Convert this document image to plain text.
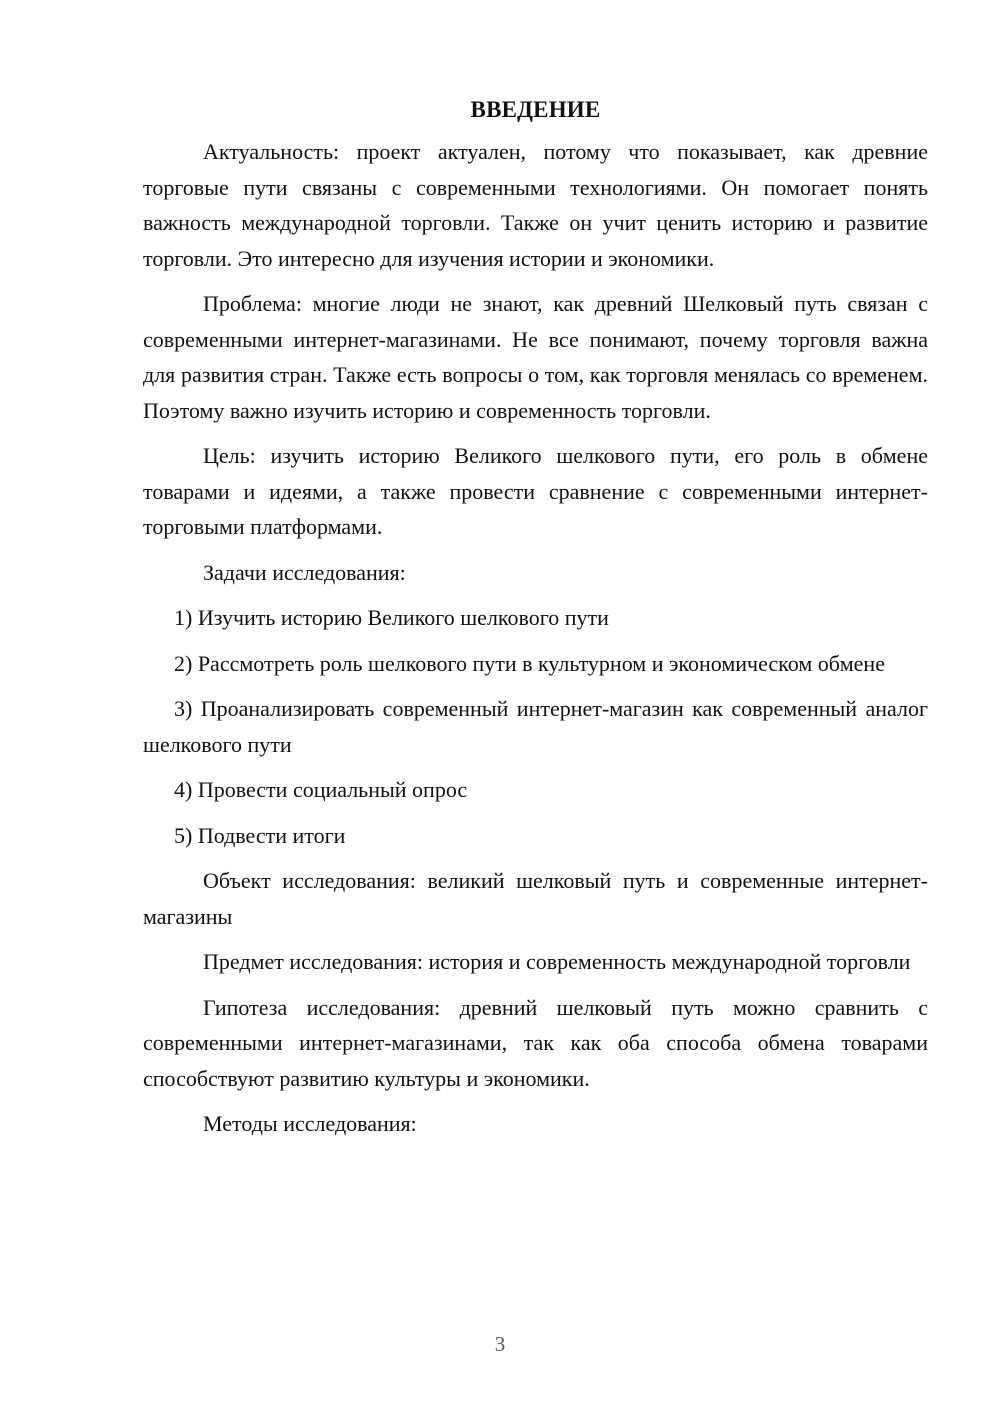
ВВЕДЕНИЕ
Актуальность: проект актуален, потому что показывает, как древние торговые пути связаны с современными технологиями. Он помогает понять важность международной торговли. Также он учит ценить историю и развитие торговли. Это интересно для изучения истории и экономики.
Проблема: многие люди не знают, как древний Шелковый путь связан с современными интернет-магазинами. Не все понимают, почему торговля важна для развития стран. Также есть вопросы о том, как торговля менялась со временем. Поэтому важно изучить историю и современность торговли.
Цель: изучить историю Великого шелкового пути, его роль в обмене товарами и идеями, а также провести сравнение с современными интернет-торговыми платформами.
Задачи исследования:
1) Изучить историю Великого шелкового пути
2) Рассмотреть роль шелкового пути в культурном и экономическом обмене
3) Проанализировать современный интернет-магазин как современный аналог шелкового пути
4) Провести социальный опрос
5) Подвести итоги
Объект исследования: великий шелковый путь и современные интернет-магазины
Предмет исследования: история и современность международной торговли
Гипотеза исследования: древний шелковый путь можно сравнить с современными интернет-магазинами, так как оба способа обмена товарами способствуют развитию культуры и экономики.
Методы исследования:
3
